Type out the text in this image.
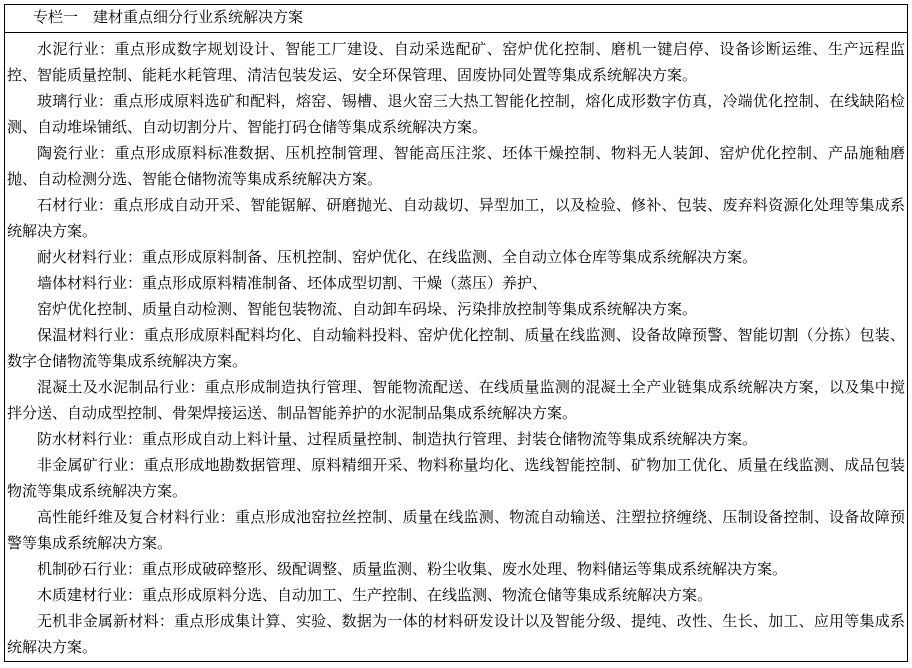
专栏一　建材重点细分行业系统解决方案

水泥行业：重点形成数字规划设计、智能工厂建设、自动采选配矿、窑炉优化控制、磨机一键启停、设备诊断运维、生产远程监控、智能质量控制、能耗水耗管理、清洁包装发运、安全环保管理、固废协同处置等集成系统解决方案。

玻璃行业：重点形成原料选矿和配料，熔窑、锡槽、退火窑三大热工智能化控制，熔化成形数字仿真，冷端优化控制、在线缺陷检测、自动堆垛铺纸、自动切割分片、智能打码仓储等集成系统解决方案。

陶瓷行业：重点形成原料标准数据、压机控制管理、智能高压注浆、坯体干燥控制、物料无人装卸、窑炉优化控制、产品施釉磨抛、自动检测分选、智能仓储物流等集成系统解决方案。

石材行业：重点形成自动开采、智能锯解、研磨抛光、自动裁切、异型加工，以及检验、修补、包装、废弃料资源化处理等集成系统解决方案。

耐火材料行业：重点形成原料制备、压机控制、窑炉优化、在线监测、全自动立体仓库等集成系统解决方案。

墙体材料行业：重点形成原料精准制备、坯体成型切割、干燥（蒸压）养护、

窑炉优化控制、质量自动检测、智能包装物流、自动卸车码垛、污染排放控制等集成系统解决方案。

保温材料行业：重点形成原料配料均化、自动输料投料、窑炉优化控制、质量在线监测、设备故障预警、智能切割（分拣）包装、数字仓储物流等集成系统解决方案。

混凝土及水泥制品行业：重点形成制造执行管理、智能物流配送、在线质量监测的混凝土全产业链集成系统解决方案，以及集中搅拌分送、自动成型控制、骨架焊接运送、制品智能养护的水泥制品集成系统解决方案。

防水材料行业：重点形成自动上料计量、过程质量控制、制造执行管理、封装仓储物流等集成系统解决方案。

非金属矿行业：重点形成地勘数据管理、原料精细开采、物料称量均化、选线智能控制、矿物加工优化、质量在线监测、成品包装物流等集成系统解决方案。

高性能纤维及复合材料行业：重点形成池窑拉丝控制、质量在线监测、物流自动输送、注塑拉挤缠绕、压制设备控制、设备故障预警等集成系统解决方案。

机制砂石行业：重点形成破碎整形、级配调整、质量监测、粉尘收集、废水处理、物料储运等集成系统解决方案。

木质建材行业：重点形成原料分选、自动加工、生产控制、在线监测、物流仓储等集成系统解决方案。

无机非金属新材料：重点形成集计算、实验、数据为一体的材料研发设计以及智能分级、提纯、改性、生长、加工、应用等集成系统解决方案。
